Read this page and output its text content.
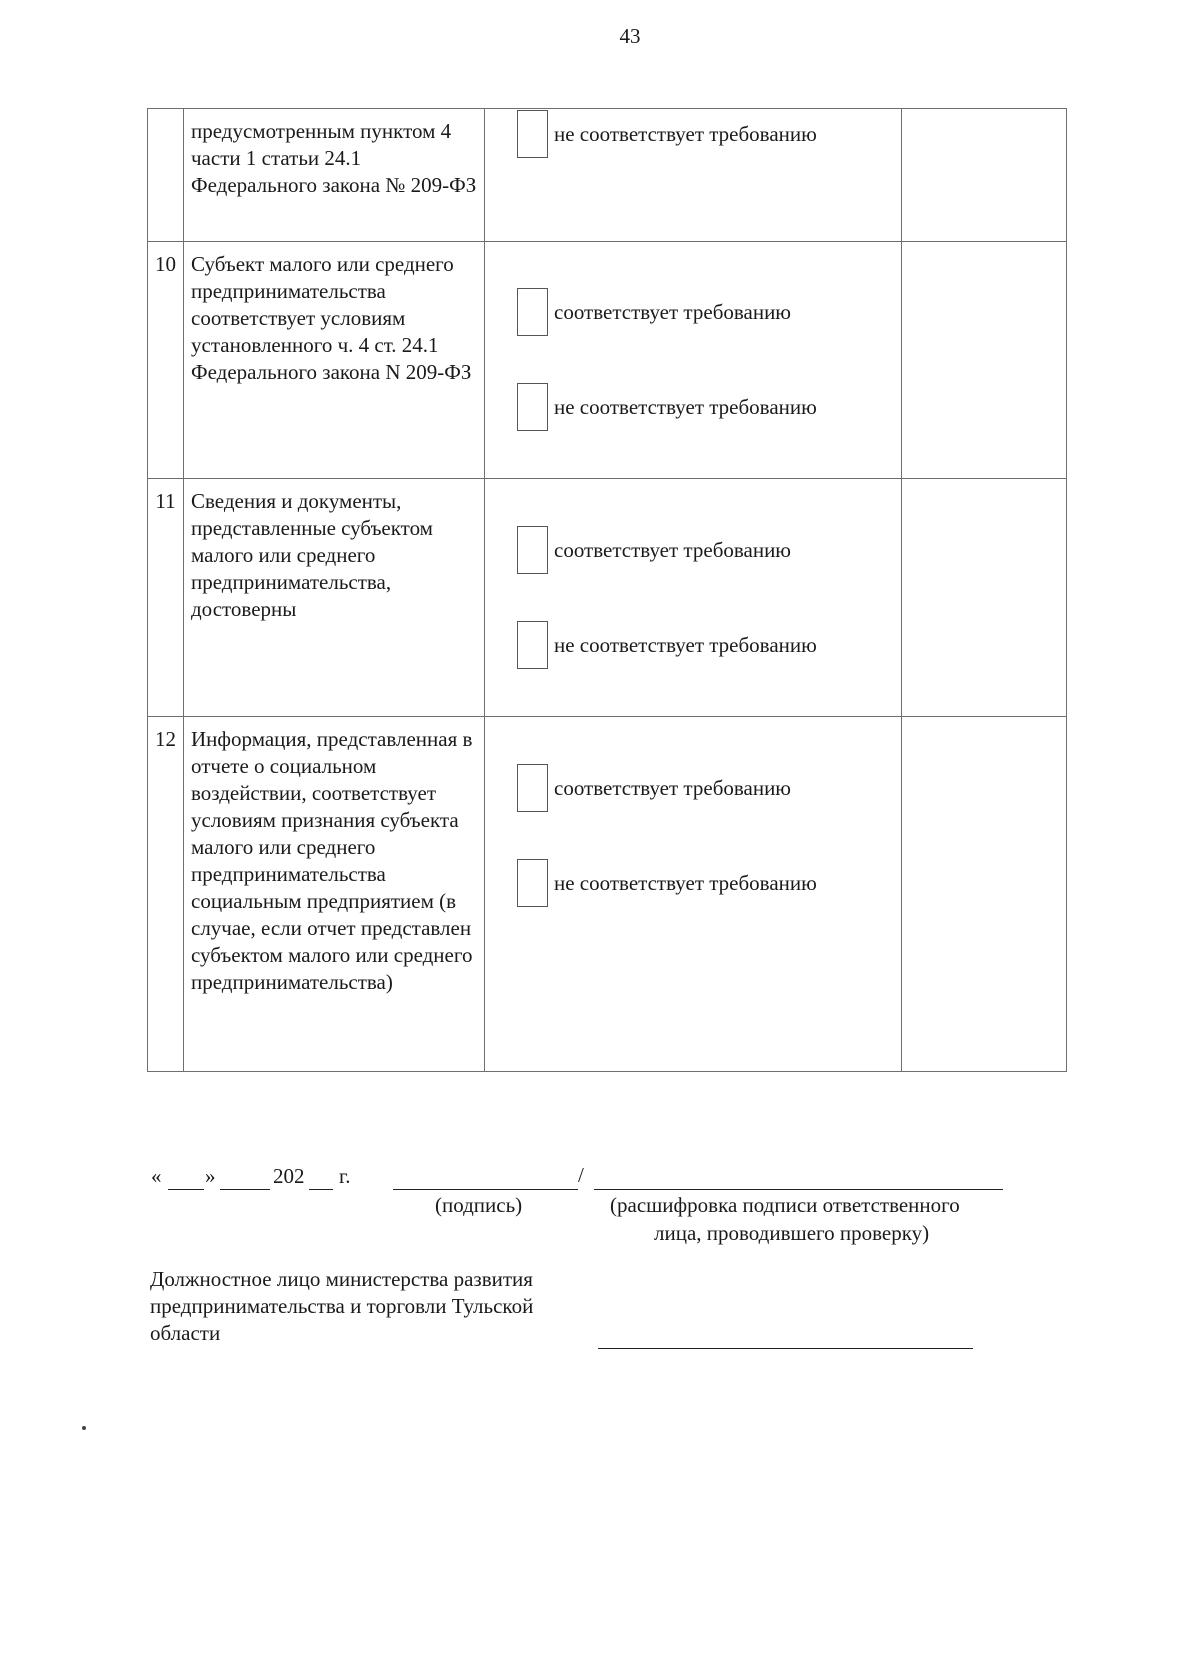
43
	предусмотренным пунктом 4 части 1 статьи 24.1 Федерального закона № 209-ФЗ	не соответствует требованию	

10	Субъект малого или среднего предпринимательства соответствует условиям установленного ч. 4 ст. 24.1 Федерального закона N 209-ФЗ	соответствует требованию
не соответствует требованию	

11	Сведения и документы, представленные субъектом малого или среднего предпринимательства, достоверны	соответствует требованию
не соответствует требованию	

12	Информация, представленная в отчете о социальном воздействии, соответствует условиям признания субъекта малого или среднего предпринимательства социальным предприятием (в случае, если отчет представлен субъектом малого или среднего предпринимательства)	соответствует требованию
не соответствует требованию	

« »	202 г.	/
(подпись)	(расшифровка подписи ответственного
лица, проводившего проверку)
Должностное лицо министерства развития
предпринимательства и торговли Тульской
области
